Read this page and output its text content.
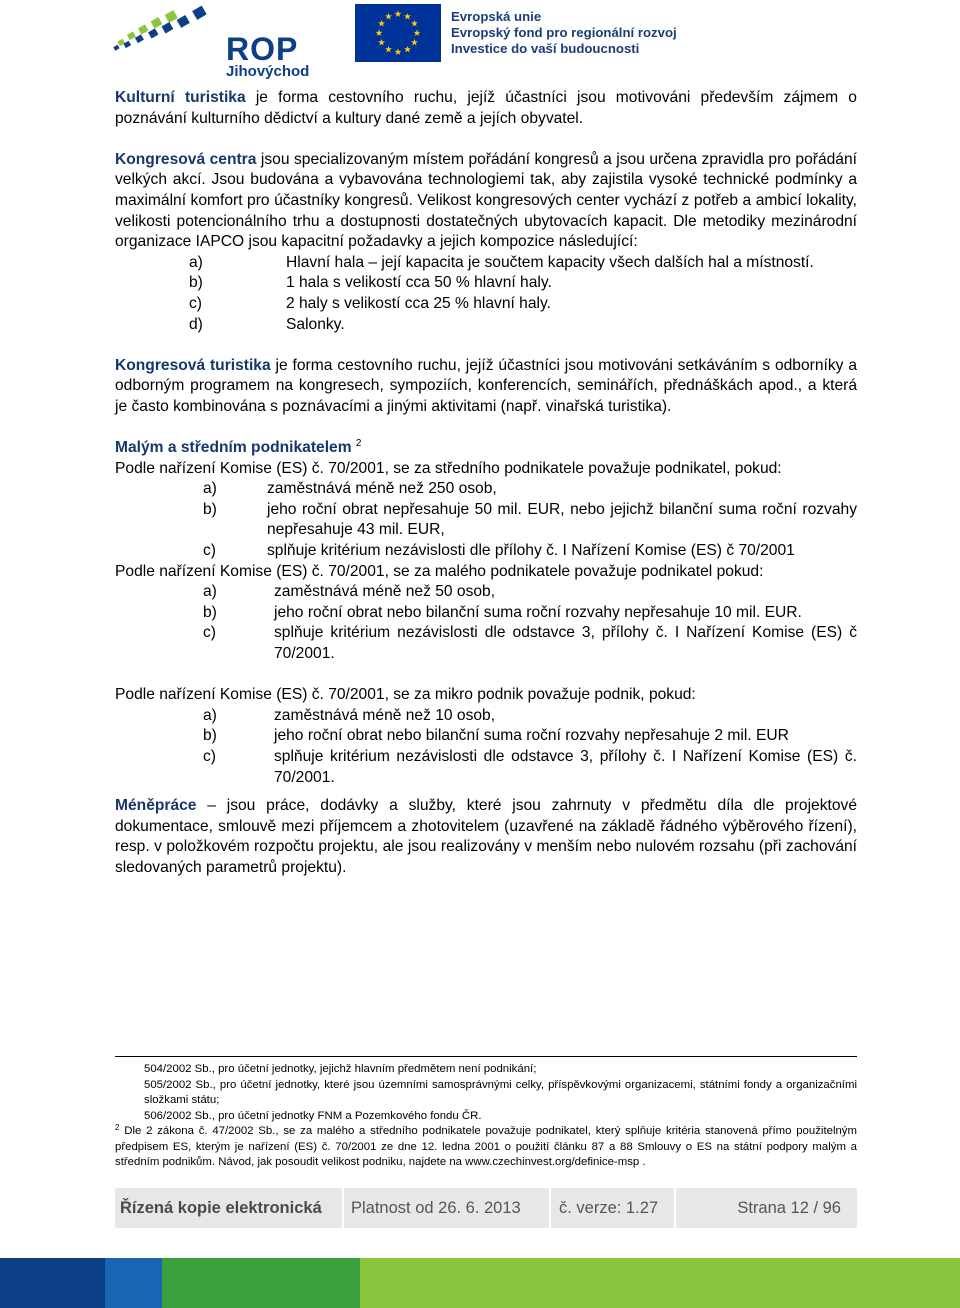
ROP
Jihovýchod
Evropská unie
Evropský fond pro regionální rozvoj
Investice do vaší budoucnosti

Kulturní turistika je forma cestovního ruchu, jejíž účastníci jsou motivováni především zájmem o poznávání kulturního dědictví a kultury dané země a jejích obyvatel.

Kongresová centra jsou specializovaným místem pořádání kongresů a jsou určena zpravidla pro pořádání velkých akcí. Jsou budována a vybavována technologiemi tak, aby zajistila vysoké technické podmínky a maximální komfort pro účastníky kongresů. Velikost kongresových center vychází z potřeb a ambicí lokality, velikosti potencionálního trhu a dostupnosti dostatečných ubytovacích kapacit. Dle metodiky mezinárodní organizace IAPCO jsou kapacitní požadavky a jejich kompozice následující:

a)	Hlavní hala – její kapacita je součtem kapacity všech dalších hal a místností.
b)	1 hala s velikostí cca 50 % hlavní haly.
c)	2 haly s velikostí cca 25 % hlavní haly.
d)	Salonky.

Kongresová turistika je forma cestovního ruchu, jejíž účastníci jsou motivováni setkáváním s odborníky a odborným programem na kongresech, sympoziích, konferencích, seminářích, přednáškách apod., a která je často kombinována s poznávacími a jinými aktivitami (např. vinařská turistika).

Malým a středním podnikatelem $^2$

Podle nařízení Komise (ES) č. 70/2001, se za středního podnikatele považuje podnikatel, pokud:

a)	zaměstnává méně než 250 osob,
b)	jeho roční obrat nepřesahuje 50 mil. EUR, nebo jejichž bilanční suma roční rozvahy nepřesahuje 43 mil. EUR,
c)	splňuje kritérium nezávislosti dle přílohy č. I Nařízení Komise (ES) č 70/2001

Podle nařízení Komise (ES) č. 70/2001, se za malého podnikatele považuje podnikatel pokud:

a)	zaměstnává méně než 50 osob,
b)	jeho roční obrat nebo bilanční suma roční rozvahy nepřesahuje 10 mil. EUR.
c)	splňuje kritérium nezávislosti dle odstavce 3, přílohy č. I Nařízení Komise (ES) č 70/2001.

Podle nařízení Komise (ES) č. 70/2001, se za mikro podnik považuje podnik, pokud:

a)	zaměstnává méně než 10 osob,
b)	jeho roční obrat nebo bilanční suma roční rozvahy nepřesahuje 2 mil. EUR
c)	splňuje kritérium nezávislosti dle odstavce 3, přílohy č. I Nařízení Komise (ES) č. 70/2001.

Méněpráce – jsou práce, dodávky a služby, které jsou zahrnuty v předmětu díla dle projektové dokumentace, smlouvě mezi příjemcem a zhotovitelem (uzavřené na základě řádného výběrového řízení), resp. v položkovém rozpočtu projektu, ale jsou realizovány v menším nebo nulovém rozsahu (při zachování sledovaných parametrů projektu).

504/2002 Sb., pro účetní jednotky, jejichž hlavním předmětem není podnikání;

505/2002 Sb., pro účetní jednotky, které jsou územními samosprávnými celky, příspěvkovými organizacemi, státními fondy a organizačními složkami státu;

506/2002 Sb., pro účetní jednotky FNM a Pozemkového fondu ČR.

$^2$ Dle 2 zákona č. 47/2002 Sb., se za malého a středního podnikatele považuje podnikatel, který splňuje kritéria stanovená přímo použitelným předpisem ES, kterým je nařízení (ES) č. 70/2001 ze dne 12. ledna 2001 o použití článku 87 a 88 Smlouvy o ES na státní podpory malým a středním podnikům. Návod, jak posoudit velikost podniku, najdete na www.czechinvest.org/definice-msp .

Řízená kopie elektronická	Platnost od 26. 6. 2013	č. verze: 1.27	Strana 12 / 96
